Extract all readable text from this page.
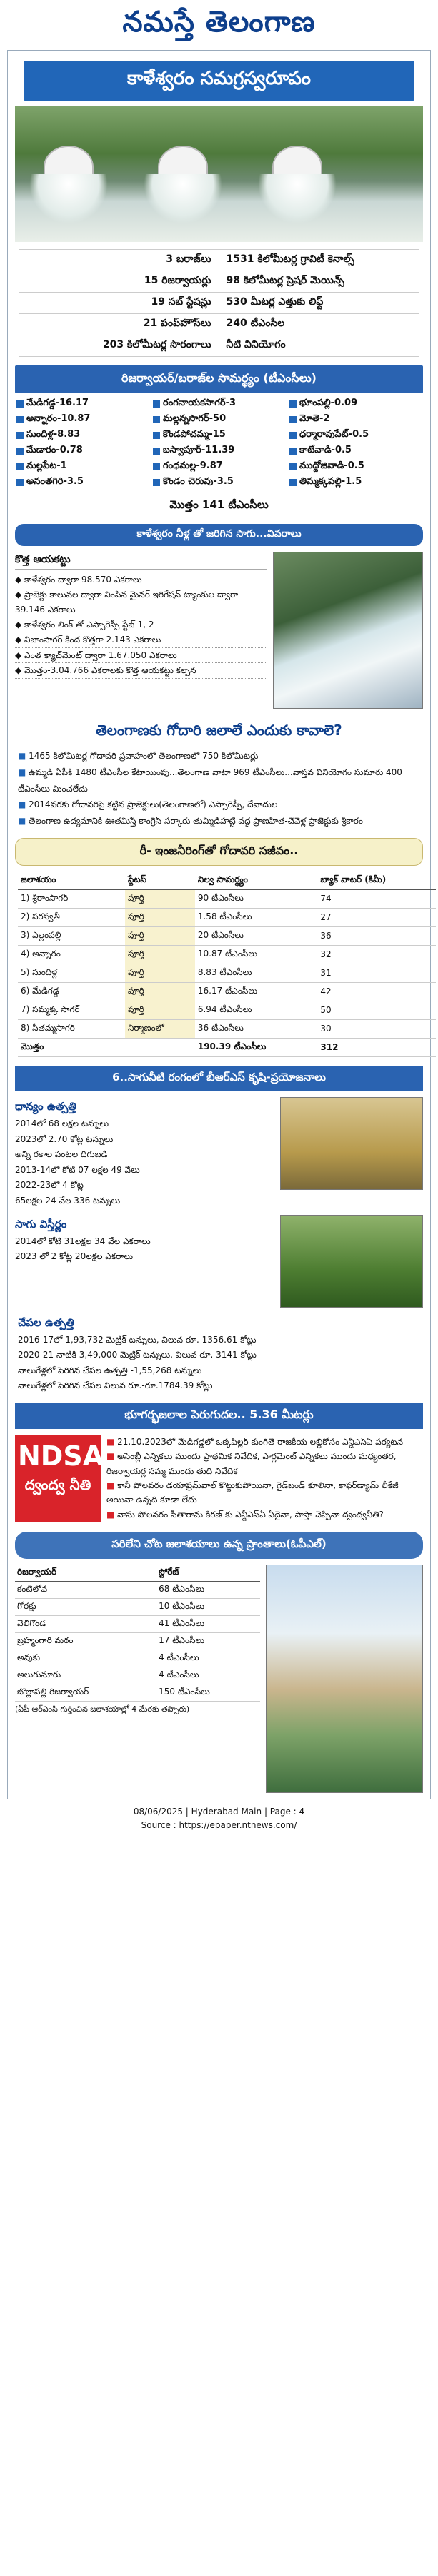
నమస్తే తెలంగాణ
కాళేశ్వరం సమగ్రస్వరూపం
3 బరాజ్‌లు	1531 కిలోమీటర్ల గ్రావిటీ కెనాల్స్
15 రిజర్వాయర్లు	98 కిలోమీటర్ల ప్రెషర్ మెయిన్స్
19 సబ్ స్టేషన్లు	530 మీటర్ల ఎత్తుకు లిఫ్ట్
21 పంప్‌హౌస్‌లు	240 టీఎంసీల
203 కిలోమీటర్ల సొరంగాలు	నీటి వినియోగం
రిజర్వాయర్/బరాజ్‌ల సామర్థ్యం (టీఎంసీలు)
మేడిగడ్డ-16.17	రంగనాయకసాగర్-3	భూంపల్లి-0.09
అన్నారం-10.87	మల్లన్నసాగర్-50	మోతె-2
సుందిళ్ల-8.83	కొండపోచమ్మ-15	ధర్మారావుపేట్-0.5
మేడారం-0.78	బస్వాపూర్-11.39	కాటేవాడి-0.5
మల్లపేట-1	గంధమల్ల-9.87	ముద్దోజివాడి-0.5
అనంతగిరి-3.5	కొండం చెరువు-3.5	తిమ్మక్కపల్లి-1.5
మొత్తం 141 టీఎంసీలు
కాళేశ్వరం నీళ్ల తో జరిగిన సాగు...వివరాలు
కొత్త ఆయకట్టు
◆ కాళేశ్వరం ద్వారా 98.570 ఎకరాలు
◆ ప్రాజెక్టు కాలువల ద్వారా నింపిన మైనర్ ఇరిగేషన్ ట్యాంకుల ద్వారా 39.146 ఎకరాలు
◆ కాళేశ్వరం లింక్ తో ఎస్సారెస్పీ స్టేజ్-1, 2
◆ నిజాంసాగర్ కింద కొత్తగా 2.143 ఎకరాలు
◆ ఎంత క్యాచ్‌మెంట్ ద్వారా 1.67.050 ఎకరాలు
◆ మొత్తం-3.04.766 ఎకరాలకు కొత్త ఆయకట్టు కల్పన
తెలంగాణకు గోదారి జలాలే ఎందుకు కావాలె?
■ 1465 కిలోమీటర్ల గోదావరి ప్రవాహంలో తెలంగాణలో 750 కిలోమీటర్లు
■ ఉమ్మడి ఏపీకి 1480 టీఎంసీల కేటాయింపు...తెలంగాణ వాటా 969 టీఎంసీలు...వాస్తవ వినియోగం సుమారు 400 టీఎంసీలు మించలేదు
■ 2014వరకు గోదావరిపై కట్టిన ప్రాజెక్టులు(తెలంగాణలో) ఎస్సారెస్పీ, దేవాదుల
■ తెలంగాణ ఉద్యమానికి ఊతమిస్తే కాంగ్రెస్ సర్కారు తుమ్మిడిహట్టి వద్ద ప్రాణహిత-చేవెళ్ల ప్రాజెక్టుకు శ్రీకారం
రీ- ఇంజనీరింగ్‌తో గోదావరి సజీవం..
జలాశయం	స్టేటస్	నిల్వ సామర్థ్యం	బ్యాక్ వాటర్ (కిమీ)
1) శ్రీరాంసాగర్	పూర్తి	90 టీఎంసీలు	74
2) సరస్వతీ	పూర్తి	1.58 టీఎంసీలు	27
3) ఎల్లంపల్లి	పూర్తి	20 టీఎంసీలు	36
4) అన్నారం	పూర్తి	10.87 టీఎంసీలు	32
5) సుందిళ్ల	పూర్తి	8.83 టీఎంసీలు	31
6) మేడిగడ్డ	పూర్తి	16.17 టీఎంసీలు	42
7) సమ్మక్క సాగర్	పూర్తి	6.94 టీఎంసీలు	50
8) సీతమ్మసాగర్	నిర్మాణంలో	36 టీఎంసీలు	30
మొత్తం		190.39 టీఎంసీలు	312
6..సాగునీటి రంగంలో బీఆర్‌ఎస్ కృషి-ప్రయోజనాలు
ధాన్యం ఉత్పత్తి
2014లో 68 లక్షల టన్నులు
2023లో 2.70 కోట్ల టన్నులు
అన్ని రకాల పంటల దిగుబడి
2013-14లో కోటి 07 లక్షల 49 వేలు
2022-23లో 4 కోట్ల
65లక్షల 24 వేల 336 టన్నులు
సాగు విస్తీర్ణం
2014లో కోటి 31లక్షల 34 వేల ఎకరాలు
2023 లో 2 కోట్ల 20లక్షల ఎకరాలు
చేపల ఉత్పత్తి
2016-17లో 1,93,732 మెట్రిక్ టన్నులు, విలువ రూ. 1356.61 కోట్లు
2020-21 నాటికి 3,49,000 మెట్రిక్ టన్నులు, విలువ రూ. 3141 కోట్లు
నాలుగేళ్లలో పెరిగిన చేపల ఉత్పత్తి -1,55,268 టన్నులు
నాలుగేళ్లలో పెరిగిన చేపల విలువ రూ.-రూ.1784.39 కోట్లు
భూగర్భజలాల పెరుగుదల.. 5.36 మీటర్లు
NDSA
ద్వంద్వ నీతి
■ 21.10.2023లో మేడిగడ్డలో ఒక్కపిల్లర్ కుంగితే రాజకీయ లబ్ధికోసం ఎన్డీఎస్‌ఏ పర్యటన
■ అసెంబ్లీ ఎన్నికలు ముందు ప్రాథమిక నివేదిక, పార్లమెంట్ ఎన్నికలు ముందు మధ్యంతర, రిజర్వాయర్ల సమ్మ ముందు తుది నివేదిక
■ కానీ పోలవరం డయాఫ్రమ్‌వాల్ కొట్టుకుపోయినా, గైడ్‌బండ్ కూలినా, కాఫర్‌డ్యామ్ లీకేజీ అయినా ఉన్నది కూడా లేదు
■ వాసు పోలవరం సీతారామ కిరణ్ కు ఎన్డీఎస్‌ఏ ఏదైనా, పాస్తా చెప్పినా ద్వంద్వనీతి?
సరిలేని చోట జలాశయాలు ఉన్న ప్రాంతాలు(ఓపీఎల్)
రిజర్వాయర్	స్టోరేజ్
కంటెలోవ	68 టీఎంసీలు
గోరక్షు	10 టీఎంసీలు
వెలిగొండ	41 టీఎంసీలు
బ్రహ్మంగారి మఠం	17 టీఎంసీలు
అవుకు	4 టీఎంసీలు
అలుగునూరు	4 టీఎంసీలు
బొల్లాపల్లి రిజర్వాయర్	150 టీఎంసీలు
(ఏపీ ఆర్‌ఎంసి గుర్తించిన జలాశయాల్లో 4 మేరకు తప్పారు)
08/06/2025 | Hyderabad Main | Page : 4
Source : https://epaper.ntnews.com/
